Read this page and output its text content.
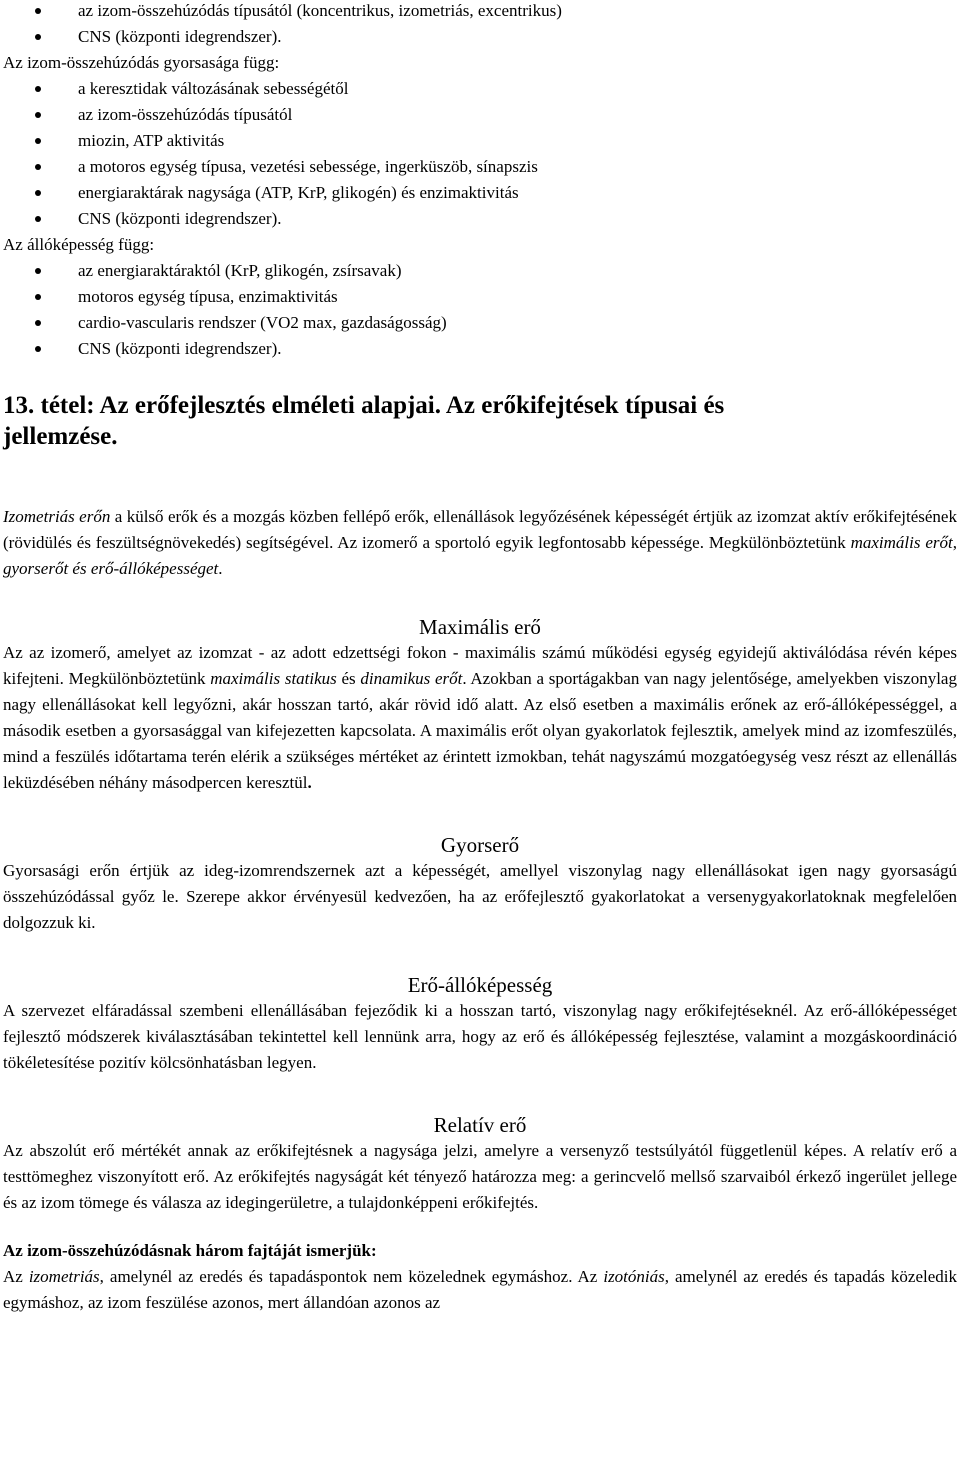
az izom-összehúzódás típusától (koncentrikus, izometriás, excentrikus)
CNS (központi idegrendszer).

Az izom-összehúzódás gyorsasága függ:

a keresztidak változásának sebességétől
az izom-összehúzódás típusától
miozin, ATP aktivitás
a motoros egység típusa, vezetési sebessége, ingerküszöb, sínapszis
energiaraktárak nagysága (ATP, KrP, glikogén) és enzimaktivitás
CNS (központi idegrendszer).

Az állóképesség függ:

az energiaraktáraktól (KrP, glikogén, zsírsavak)
motoros egység típusa, enzimaktivitás
cardio-vascularis rendszer (VO2 max, gazdaságosság)
CNS (központi idegrendszer).
13. tétel: Az erőfejlesztés elméleti alapjai. Az erőkifejtések típusai és
jellemzése.

Izometriás erőn a külső erők és a mozgás közben fellépő erők, ellenállások legyőzésének képességét értjük az izomzat aktív erőkifejtésének (rövidülés és feszültségnövekedés) segítségével. Az izomerő a sportoló egyik legfontosabb képessége. Megkülönböztetünk maximális erőt, gyorserőt és erő-állóképességet.

Maximális erő

Az az izomerő, amelyet az izomzat - az adott edzettségi fokon - maximális számú működési egység egyidejű aktiválódása révén képes kifejteni. Megkülönböztetünk maximális statikus és dinamikus erőt. Azokban a sportágakban van nagy jelentősége, amelyekben viszonylag nagy ellenállásokat kell legyőzni, akár hosszan tartó, akár rövid idő alatt. Az első esetben a maximális erőnek az erő-állóképességgel, a második esetben a gyorsasággal van kifejezetten kapcsolata. A maximális erőt olyan gyakorlatok fejlesztik, amelyek mind az izomfeszülés, mind a feszülés időtartama terén elérik a szükséges mértéket az érintett izmokban, tehát nagyszámú mozgatóegység vesz részt az ellenállás leküzdésében néhány másodpercen keresztül.

Gyorserő

Gyorsasági erőn értjük az ideg-izomrendszernek azt a képességét, amellyel viszonylag nagy ellenállásokat igen nagy gyorsaságú összehúzódással győz le. Szerepe akkor érvényesül kedvezően, ha az erőfejlesztő gyakorlatokat a versenygyakorlatoknak megfelelően dolgozzuk ki.

Erő-állóképesség

A szervezet elfáradással szembeni ellenállásában fejeződik ki a hosszan tartó, viszonylag nagy erőkifejtéseknél. Az erő-állóképességet fejlesztő módszerek kiválasztásában tekintettel kell lennünk arra, hogy az erő és állóképesség fejlesztése, valamint a mozgáskoordináció tökéletesítése pozitív kölcsönhatásban legyen.

Relatív erő

Az abszolút erő mértékét annak az erőkifejtésnek a nagysága jelzi, amelyre a versenyző testsúlyától függetlenül képes. A relatív erő a testtömeghez viszonyított erő. Az erőkifejtés nagyságát két tényező határozza meg: a gerincvelő mellső szarvaiból érkező ingerület jellege és az izom tömege és válasza az idegingerületre, a tulajdonképpeni erőkifejtés.

Az izom-összehúzódásnak három fajtáját ismerjük:

Az izometriás, amelynél az eredés és tapadáspontok nem közelednek egymáshoz. Az izotóniás, amelynél az eredés és tapadás közeledik egymáshoz, az izom feszülése azonos, mert állandóan azonos az
